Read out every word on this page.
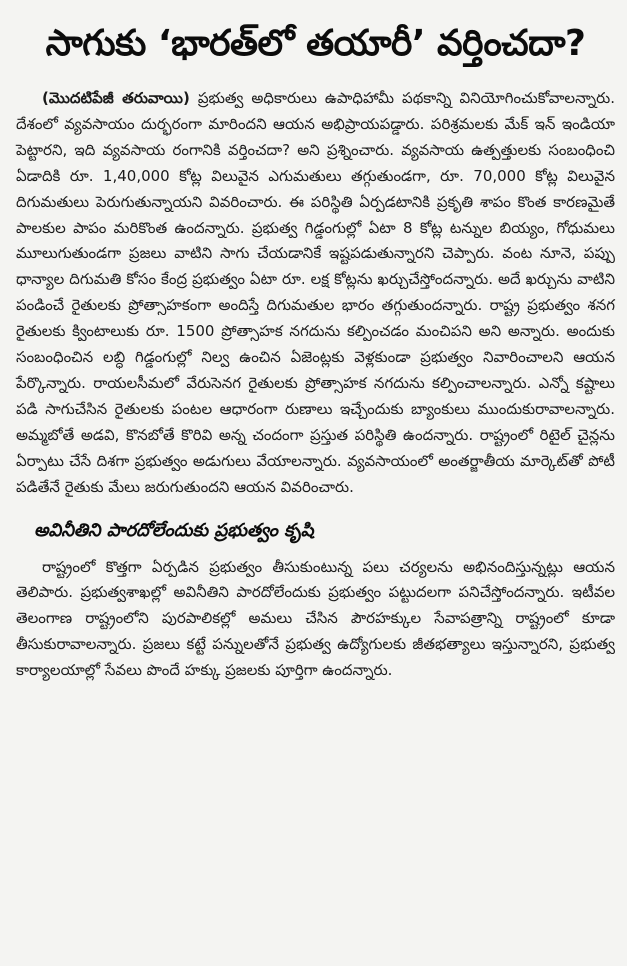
సాగుకు ‘భారత్‌లో తయారీ’ వర్తించదా?

(మొదటిపేజీ తరువాయి) ప్రభుత్వ అధికారులు ఉపాధిహామీ పథకాన్ని వినియోగించుకోవాలన్నారు. దేశంలో వ్యవసాయం దుర్భరంగా మారిందని ఆయన అభిప్రాయపడ్డారు. పరిశ్రమలకు మేక్ ఇన్ ఇండియా పెట్టారని, ఇది వ్యవసాయ రంగానికి వర్తించదా? అని ప్రశ్నించారు. వ్యవసాయ ఉత్పత్తులకు సంబంధించి ఏడాదికి రూ. 1,40,000 కోట్ల విలువైన ఎగుమతులు తగ్గుతుండగా, రూ. 70,000 కోట్ల విలువైన దిగుమతులు పెరుగుతున్నాయని వివరించారు. ఈ పరిస్థితి ఏర్పడటానికి ప్రకృతి శాపం కొంత కారణమైతే పాలకుల పాపం మరికొంత ఉందన్నారు. ప్రభుత్వ గిడ్డంగుల్లో ఏటా 8 కోట్ల టన్నుల బియ్యం, గోధుమలు మూలుగుతుండగా ప్రజలు వాటిని సాగు చేయడానికే ఇష్టపడుతున్నారని చెప్పారు. వంట నూనె, పప్పు ధాన్యాల దిగుమతి కోసం కేంద్ర ప్రభుత్వం ఏటా రూ. లక్ష కోట్లను ఖర్చుచేస్తోందన్నారు. అదే ఖర్చును వాటిని పండించే రైతులకు ప్రోత్సాహకంగా అందిస్తే దిగుమతుల భారం తగ్గుతుందన్నారు. రాష్ట్ర ప్రభుత్వం శనగ రైతులకు క్వింటాలుకు రూ. 1500 ప్రోత్సాహక నగదును కల్పించడం మంచిపని అని అన్నారు. అందుకు సంబంధించిన లబ్ధి గిడ్డంగుల్లో నిల్వ ఉంచిన ఏజెంట్లకు వెళ్లకుండా ప్రభుత్వం నివారించాలని ఆయన పేర్కొన్నారు. రాయలసీమలో వేరుసెనగ రైతులకు ప్రోత్సాహక నగదును కల్పించాలన్నారు. ఎన్నో కష్టాలు పడి సాగుచేసిన రైతులకు పంటల ఆధారంగా రుణాలు ఇచ్చేందుకు బ్యాంకులు ముందుకురావాలన్నారు. అమ్మబోతే అడవి, కొనబోతే కొరివి అన్న చందంగా ప్రస్తుత పరిస్థితి ఉందన్నారు. రాష్ట్రంలో రిటైల్ చైన్లను ఏర్పాటు చేసే దిశగా ప్రభుత్వం అడుగులు వేయాలన్నారు. వ్యవసాయంలో అంతర్జాతీయ మార్కెట్‌తో పోటీ పడితేనే రైతుకు మేలు జరుగుతుందని ఆయన వివరించారు.

అవినీతిని పారదోలేందుకు ప్రభుత్వం కృషి

రాష్ట్రంలో కొత్తగా ఏర్పడిన ప్రభుత్వం తీసుకుంటున్న పలు చర్యలను అభినందిస్తున్నట్లు ఆయన తెలిపారు. ప్రభుత్వశాఖల్లో అవినీతిని పారదోలేందుకు ప్రభుత్వం పట్టుదలగా పనిచేస్తోందన్నారు. ఇటీవల తెలంగాణ రాష్ట్రంలోని పురపాలికల్లో అమలు చేసిన పౌరహక్కుల సేవాపత్రాన్ని రాష్ట్రంలో కూడా తీసుకురావాలన్నారు. ప్రజలు కట్టే పన్నులతోనే ప్రభుత్వ ఉద్యోగులకు జీతభత్యాలు ఇస్తున్నారని, ప్రభుత్వ కార్యాలయాల్లో సేవలు పొందే హక్కు ప్రజలకు పూర్తిగా ఉందన్నారు.
